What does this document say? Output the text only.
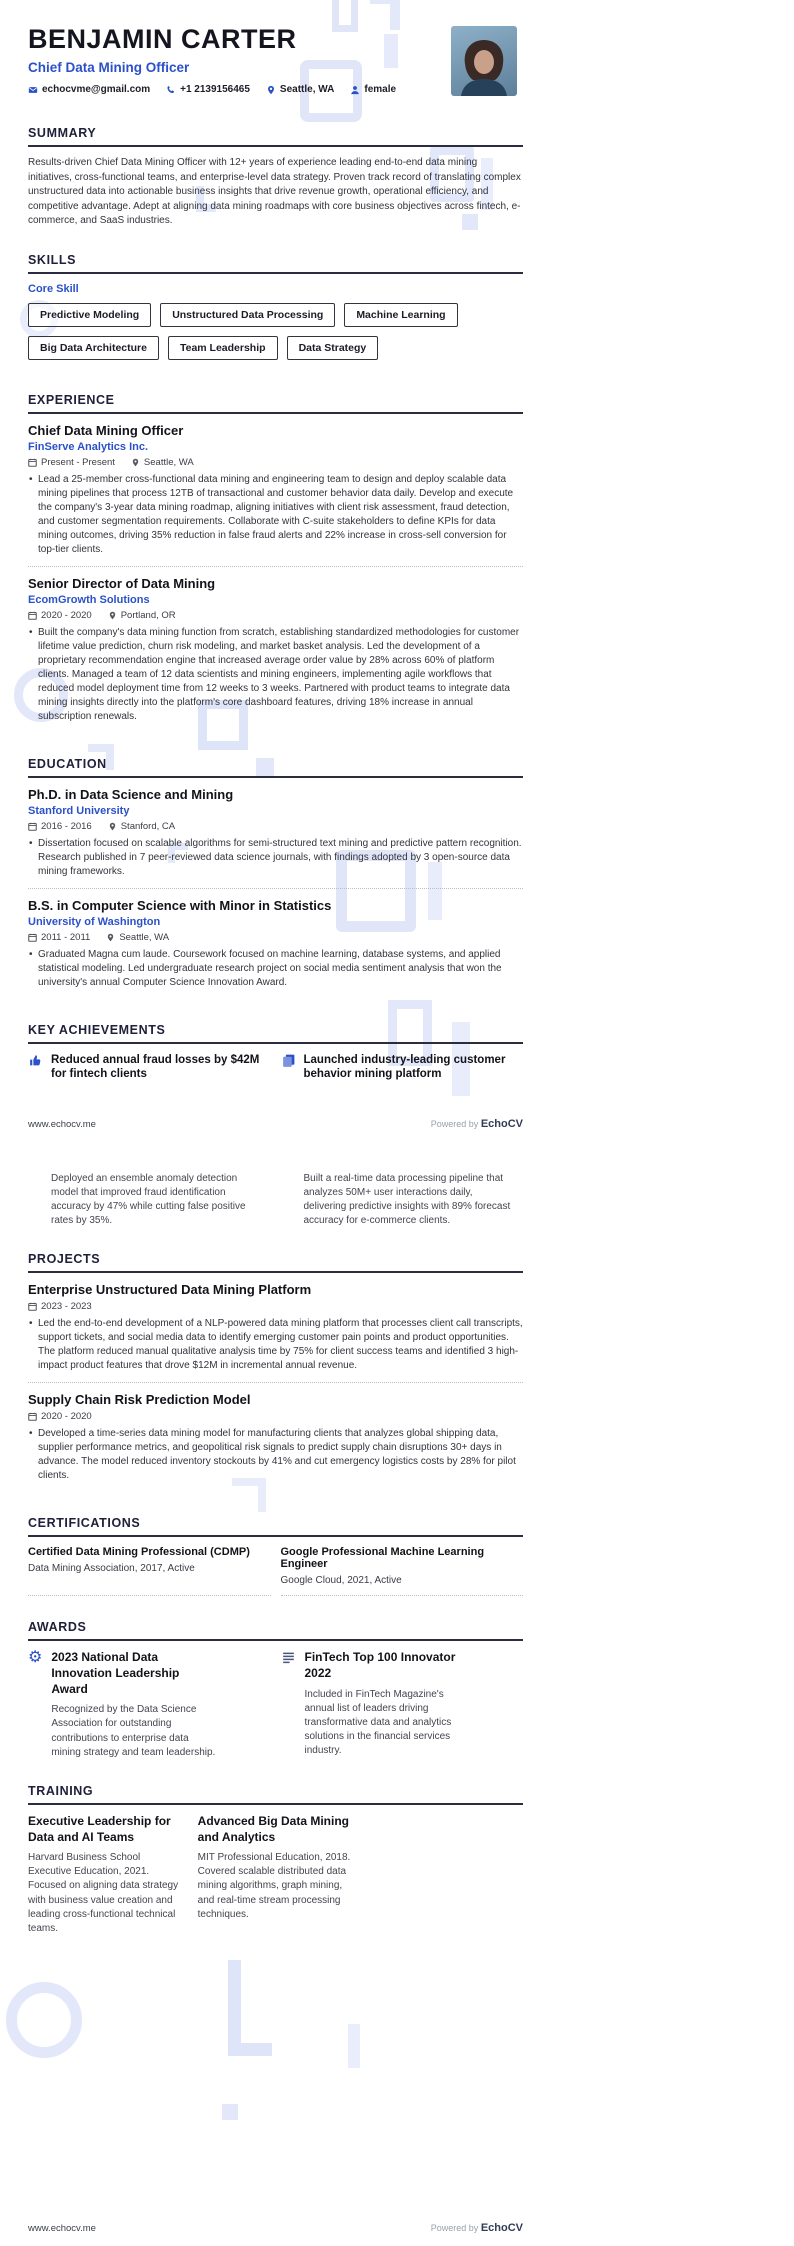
BENJAMIN CARTER
Chief Data Mining Officer
echocvme@gmail.com	+1 2139156465	Seattle, WA	female
SUMMARY
Results-driven Chief Data Mining Officer with 12+ years of experience leading end-to-end data mining initiatives, cross-functional teams, and enterprise-level data strategy. Proven track record of translating complex unstructured data into actionable business insights that drive revenue growth, operational efficiency, and competitive advantage. Adept at aligning data mining roadmaps with core business objectives across fintech, e-commerce, and SaaS industries.
SKILLS
Core Skill
Predictive Modeling	Unstructured Data Processing	Machine Learning
Big Data Architecture	Team Leadership	Data Strategy
EXPERIENCE
Chief Data Mining Officer
FinServe Analytics Inc.
Present - Present	Seattle, WA
• Lead a 25-member cross-functional data mining and engineering team to design and deploy scalable data mining pipelines that process 12TB of transactional and customer behavior data daily. Develop and execute the company's 3-year data mining roadmap, aligning initiatives with client risk assessment, fraud detection, and customer segmentation requirements. Collaborate with C-suite stakeholders to define KPIs for data mining outcomes, driving 35% reduction in false fraud alerts and 22% increase in cross-sell conversion for top-tier clients.
Senior Director of Data Mining
EcomGrowth Solutions
2020 - 2020	Portland, OR
• Built the company's data mining function from scratch, establishing standardized methodologies for customer lifetime value prediction, churn risk modeling, and market basket analysis. Led the development of a proprietary recommendation engine that increased average order value by 28% across 60% of platform clients. Managed a team of 12 data scientists and mining engineers, implementing agile workflows that reduced model deployment time from 12 weeks to 3 weeks. Partnered with product teams to integrate data mining insights directly into the platform's core dashboard features, driving 18% increase in annual subscription renewals.
EDUCATION
Ph.D. in Data Science and Mining
Stanford University
2016 - 2016	Stanford, CA
• Dissertation focused on scalable algorithms for semi-structured text mining and predictive pattern recognition. Research published in 7 peer-reviewed data science journals, with findings adopted by 3 open-source data mining frameworks.
B.S. in Computer Science with Minor in Statistics
University of Washington
2011 - 2011	Seattle, WA
• Graduated Magna cum laude. Coursework focused on machine learning, database systems, and applied statistical modeling. Led undergraduate research project on social media sentiment analysis that won the university's annual Computer Science Innovation Award.
KEY ACHIEVEMENTS
Reduced annual fraud losses by $42M for fintech clients
Launched industry-leading customer behavior mining platform
www.echocv.me	Powered by EchoCV
Deployed an ensemble anomaly detection model that improved fraud identification accuracy by 47% while cutting false positive rates by 35%.
Built a real-time data processing pipeline that analyzes 50M+ user interactions daily, delivering predictive insights with 89% forecast accuracy for e-commerce clients.
PROJECTS
Enterprise Unstructured Data Mining Platform
2023 - 2023
• Led the end-to-end development of a NLP-powered data mining platform that processes client call transcripts, support tickets, and social media data to identify emerging customer pain points and product opportunities. The platform reduced manual qualitative analysis time by 75% for client success teams and identified 3 high-impact product features that drove $12M in incremental annual revenue.
Supply Chain Risk Prediction Model
2020 - 2020
• Developed a time-series data mining model for manufacturing clients that analyzes global shipping data, supplier performance metrics, and geopolitical risk signals to predict supply chain disruptions 30+ days in advance. The model reduced inventory stockouts by 41% and cut emergency logistics costs by 28% for pilot clients.
CERTIFICATIONS
Certified Data Mining Professional (CDMP)
Data Mining Association, 2017, Active
Google Professional Machine Learning Engineer
Google Cloud, 2021, Active
AWARDS
⚙ 2023 National Data Innovation Leadership Award
Recognized by the Data Science Association for outstanding contributions to enterprise data mining strategy and team leadership.
FinTech Top 100 Innovator 2022
Included in FinTech Magazine's annual list of leaders driving transformative data and analytics solutions in the financial services industry.
TRAINING
Executive Leadership for Data and AI Teams
Harvard Business School Executive Education, 2021. Focused on aligning data strategy with business value creation and leading cross-functional technical teams.
Advanced Big Data Mining and Analytics
MIT Professional Education, 2018. Covered scalable distributed data mining algorithms, graph mining, and real-time stream processing techniques.
www.echocv.me	Powered by EchoCV
